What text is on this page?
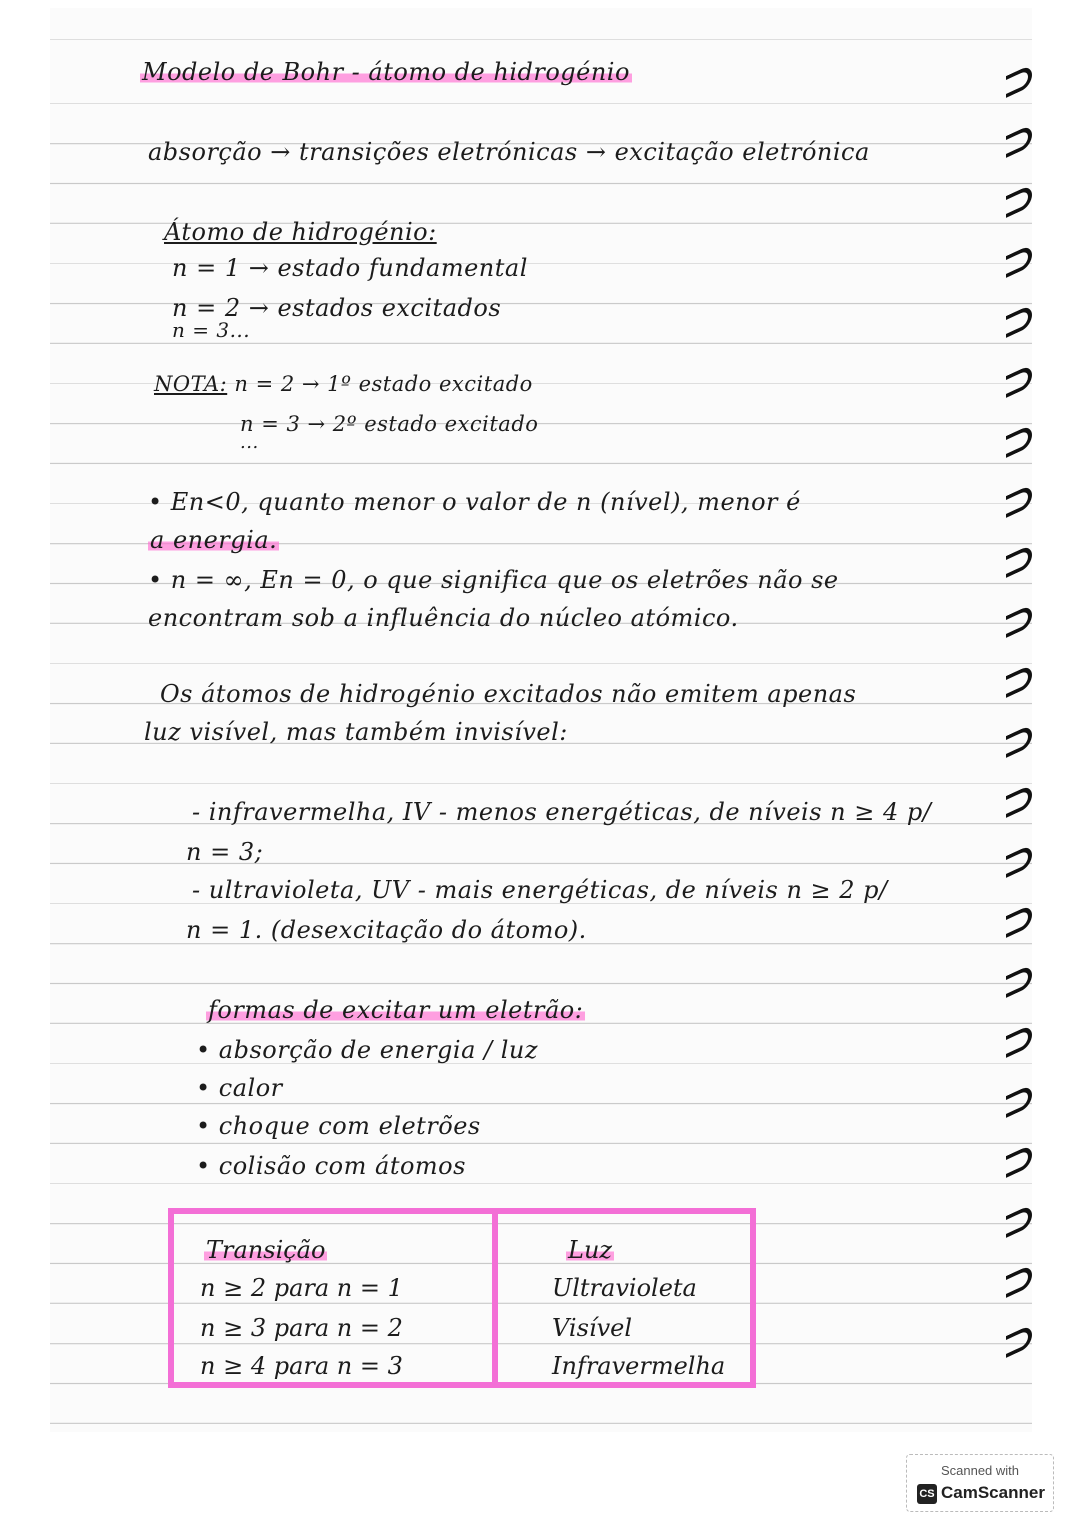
Modelo de Bohr - átomo de hidrogénio
absorção → transições eletrónicas → excitação eletrónica
Átomo de hidrogénio:
n = 1 → estado fundamental
n = 2 → estados excitados
n = 3...
NOTA: n = 2 → 1º estado excitado
n = 3 → 2º estado excitado
...
• En<0, quanto menor o valor de n (nível), menor é
a energia.
• n = ∞, En = 0, o que significa que os eletrões não se
encontram sob a influência do núcleo atómico.
Os átomos de hidrogénio excitados não emitem apenas
luz visível, mas também invisível:
- infravermelha, IV - menos energéticas, de níveis n ≥ 4 p/
n = 3;
- ultravioleta, UV - mais energéticas, de níveis n ≥ 2 p/
n = 1. (desexcitação do átomo).
formas de excitar um eletrão:
• absorção de energia / luz
• calor
• choque com eletrões
• colisão com átomos
Transição	Luz
n ≥ 2 para n = 1	Ultravioleta
n ≥ 3 para n = 2	Visível
n ≥ 4 para n = 3	Infravermelha
Scanned with
CS CamScanner
